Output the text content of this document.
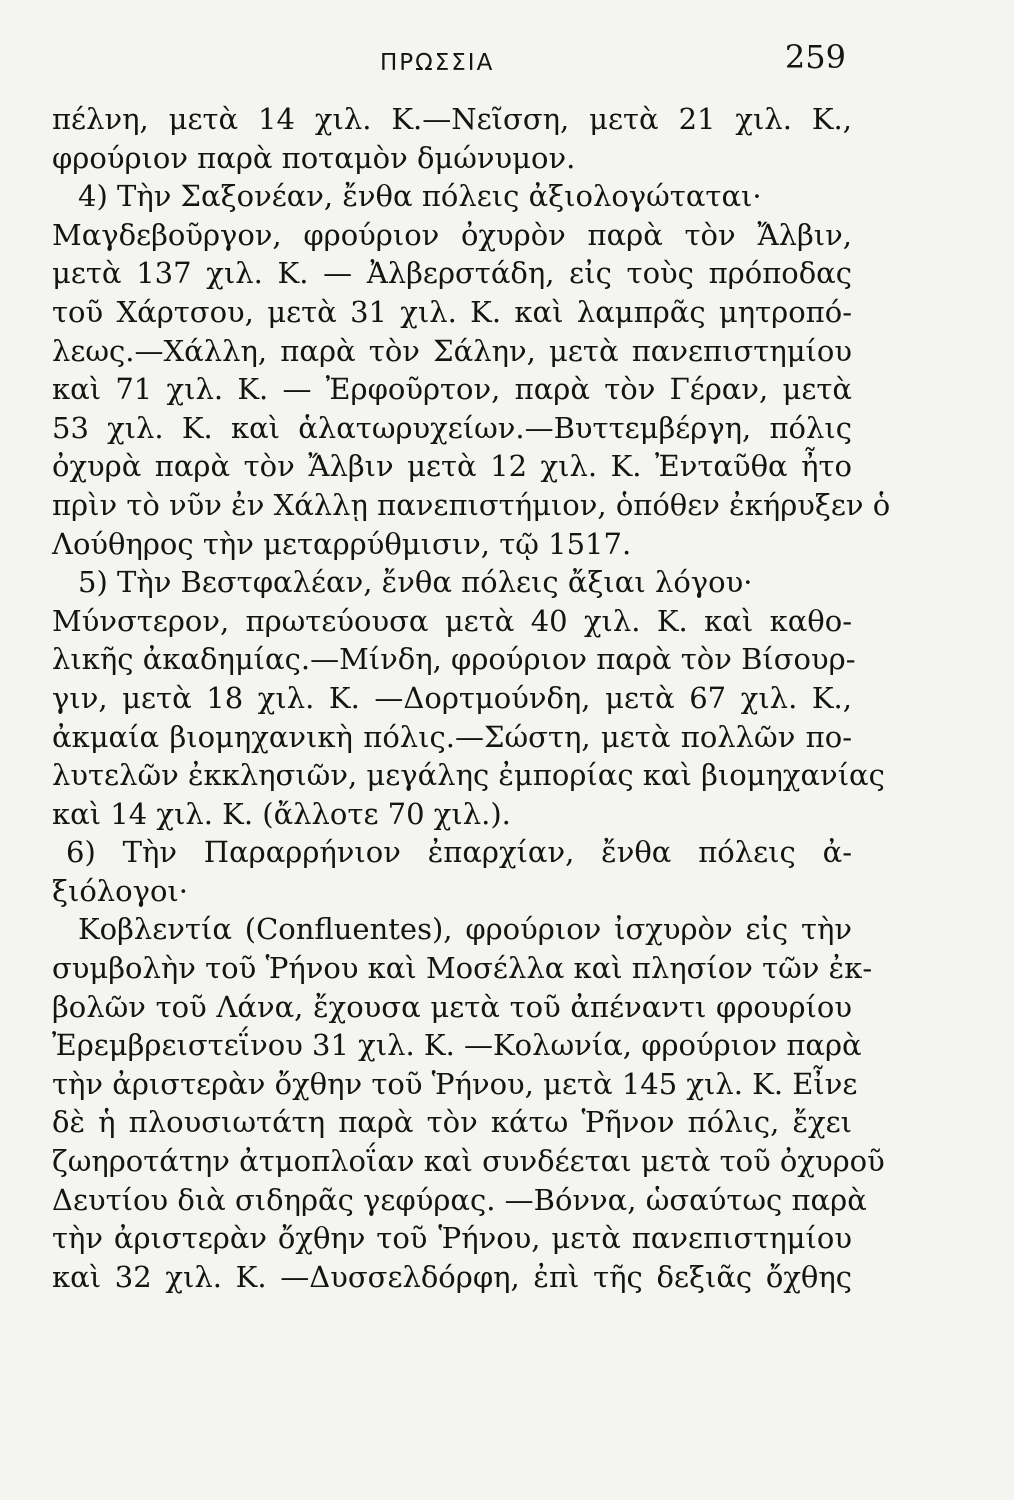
ΠΡΩΣΣΙΑ	259
πέλνη, μετὰ 14 χιλ. Κ.—Νεῖσση, μετὰ 21 χιλ. Κ.,
φρούριον παρὰ ποταμὸν δμώνυμον.
4) Τὴν Σαξονέαν, ἔνθα πόλεις ἀξιολογώταται·
Μαγδεβοῦργον, φρούριον ὀχυρὸν παρὰ τὸν Ἄλβιν,
μετὰ 137 χιλ. Κ. — Ἀλβερστάδη, εἰς τοὺς πρόποδας
τοῦ Χάρτσου, μετὰ 31 χιλ. Κ. καὶ λαμπρᾶς μητροπό-
λεως.—Χάλλη, παρὰ τὸν Σάλην, μετὰ πανεπιστημίου
καὶ 71 χιλ. Κ. — Ἐρφοῦρτον, παρὰ τὸν Γέραν, μετὰ
53 χιλ. Κ. καὶ ἁλατωρυχείων.—Βυττεμβέργη, πόλις
ὀχυρὰ παρὰ τὸν Ἄλβιν μετὰ 12 χιλ. Κ. Ἐνταῦθα ἦτο
πρὶν τὸ νῦν ἐν Χάλλῃ πανεπιστήμιον, ὁπόθεν ἐκήρυξεν ὁ
Λούθηρος τὴν μεταρρύθμισιν, τῷ 1517.
5) Τὴν Βεστφαλέαν, ἔνθα πόλεις ἄξιαι λόγου·
Μύνστερον, πρωτεύουσα μετὰ 40 χιλ. Κ. καὶ καθο-
λικῆς ἀκαδημίας.—Μίνδη, φρούριον παρὰ τὸν Βίσουρ-
γιν, μετὰ 18 χιλ. Κ. —Δορτμούνδη, μετὰ 67 χιλ. Κ.,
ἀκμαία βιομηχανικὴ πόλις.—Σώστη, μετὰ πολλῶν πο-
λυτελῶν ἐκκλησιῶν, μεγάλης ἐμπορίας καὶ βιομηχανίας
καὶ 14 χιλ. Κ. (ἄλλοτε 70 χιλ.).
6) Τὴν Παραρρήνιον ἐπαρχίαν, ἔνθα πόλεις ἀ-
ξιόλογοι·
Κοβλεντία (Confluentes), φρούριον ἰσχυρὸν εἰς τὴν
συμβολὴν τοῦ Ῥήνου καὶ Μοσέλλα καὶ πλησίον τῶν ἐκ-
βολῶν τοῦ Λάνα, ἔχουσα μετὰ τοῦ ἀπέναντι φρουρίου
Ἐρεμβρειστεΐνου 31 χιλ. Κ. —Κολωνία, φρούριον παρὰ
τὴν ἀριστερὰν ὄχθην τοῦ Ῥήνου, μετὰ 145 χιλ. Κ. Εἶνε
δὲ ἡ πλουσιωτάτη παρὰ τὸν κάτω Ῥῆνον πόλις, ἔχει
ζωηροτάτην ἀτμοπλοΐαν καὶ συνδέεται μετὰ τοῦ ὀχυροῦ
Δευτίου διὰ σιδηρᾶς γεφύρας. —Βόννα, ὡσαύτως παρὰ
τὴν ἀριστερὰν ὄχθην τοῦ Ῥήνου, μετὰ πανεπιστημίου
καὶ 32 χιλ. Κ. —Δυσσελδόρφη, ἐπὶ τῆς δεξιᾶς ὄχθης
